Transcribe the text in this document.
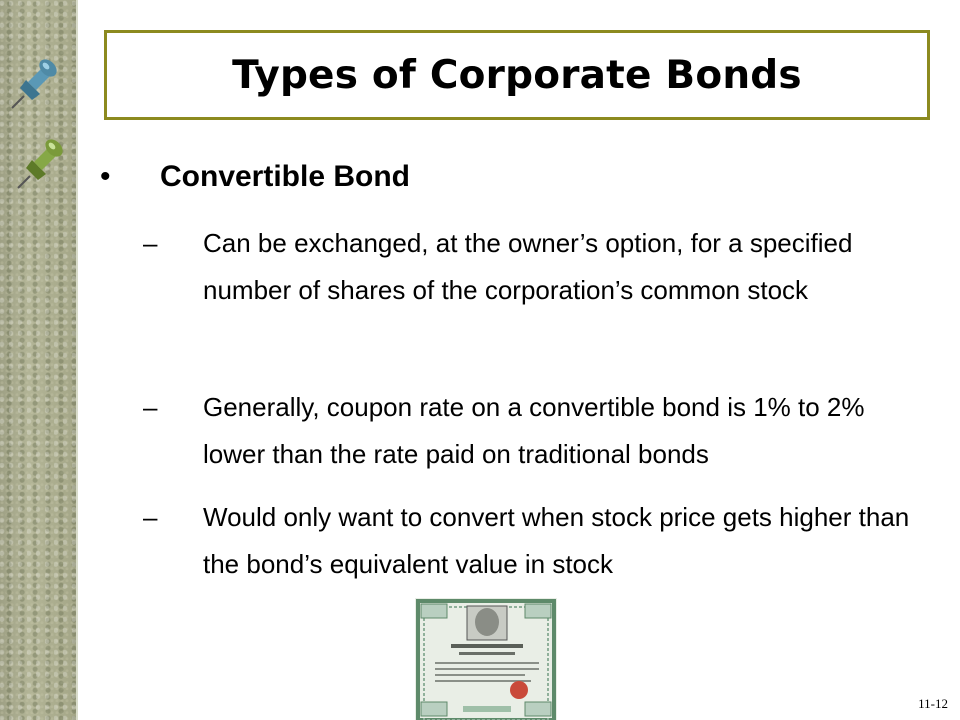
Types of Corporate Bonds
• Convertible Bond
– Can be exchanged, at the owner’s option, for a specified number of shares of the corporation’s common stock
– Generally, coupon rate on a convertible bond is 1% to 2% lower than the rate paid on traditional bonds
– Would only want to convert when stock price gets higher than the bond’s equivalent value in stock
11-12
